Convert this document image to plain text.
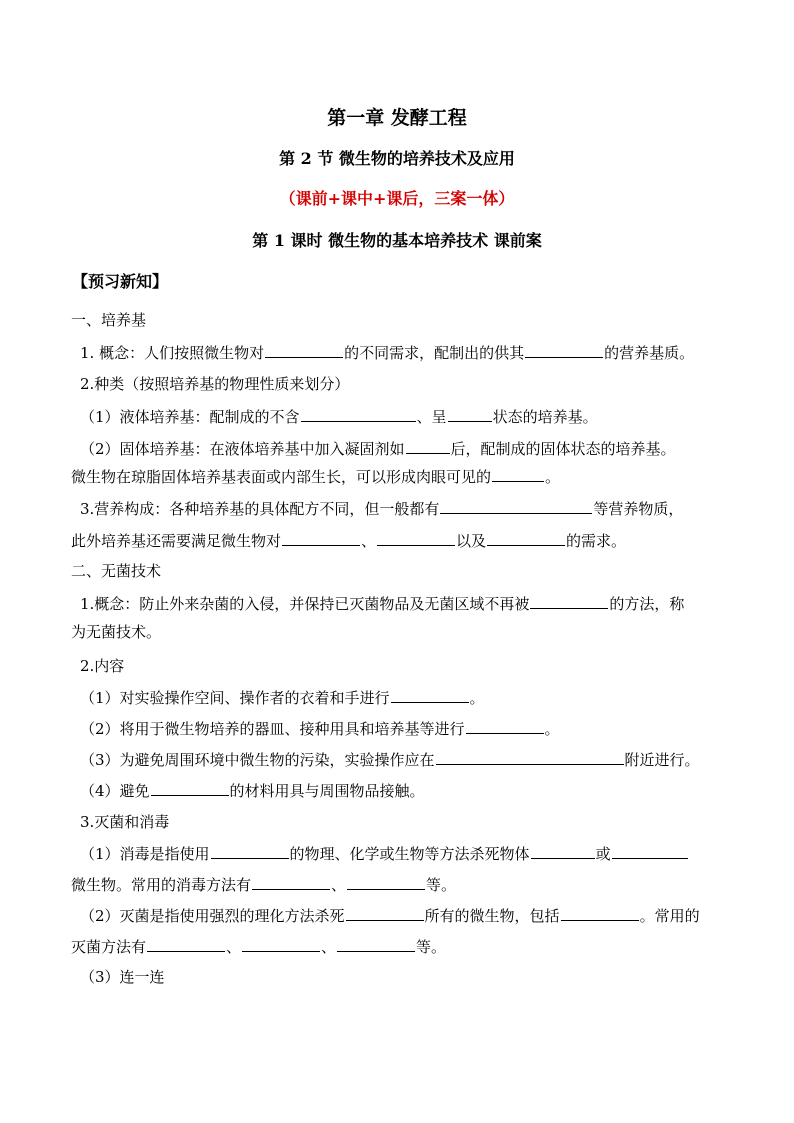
第一章 发酵工程
第 2 节 微生物的培养技术及应用
（课前+课中+课后，三案一体）
第 1 课时 微生物的基本培养技术 课前案
【预习新知】
一、培养基
1. 概念：人们按照微生物对	的不同需求，配制出的供其	的营养基质。
2.种类（按照培养基的物理性质来划分）
（1）液体培养基：配制成的不含	、呈	状态的培养基。
（2）固体培养基：在液体培养基中加入凝固剂如	后，配制成的固体状态的培养基。
微生物在琼脂固体培养基表面或内部生长，可以形成肉眼可见的	。
3.营养构成：各种培养基的具体配方不同，但一般都有	等营养物质，
此外培养基还需要满足微生物对	、	以及	的需求。
二、无菌技术
1.概念：防止外来杂菌的入侵，并保持已灭菌物品及无菌区域不再被	的方法，称
为无菌技术。
2.内容
（1）对实验操作空间、操作者的衣着和手进行	。
（2）将用于微生物培养的器皿、接种用具和培养基等进行	。
（3）为避免周围环境中微生物的污染，实验操作应在	附近进行。
（4）避免	的材料用具与周围物品接触。
3.灭菌和消毒
（1）消毒是指使用	的物理、化学或生物等方法杀死物体	或
微生物。常用的消毒方法有	、	等。
（2）灭菌是指使用强烈的理化方法杀死	所有的微生物，包括	。常用的
灭菌方法有	、	、	等。
（3）连一连
